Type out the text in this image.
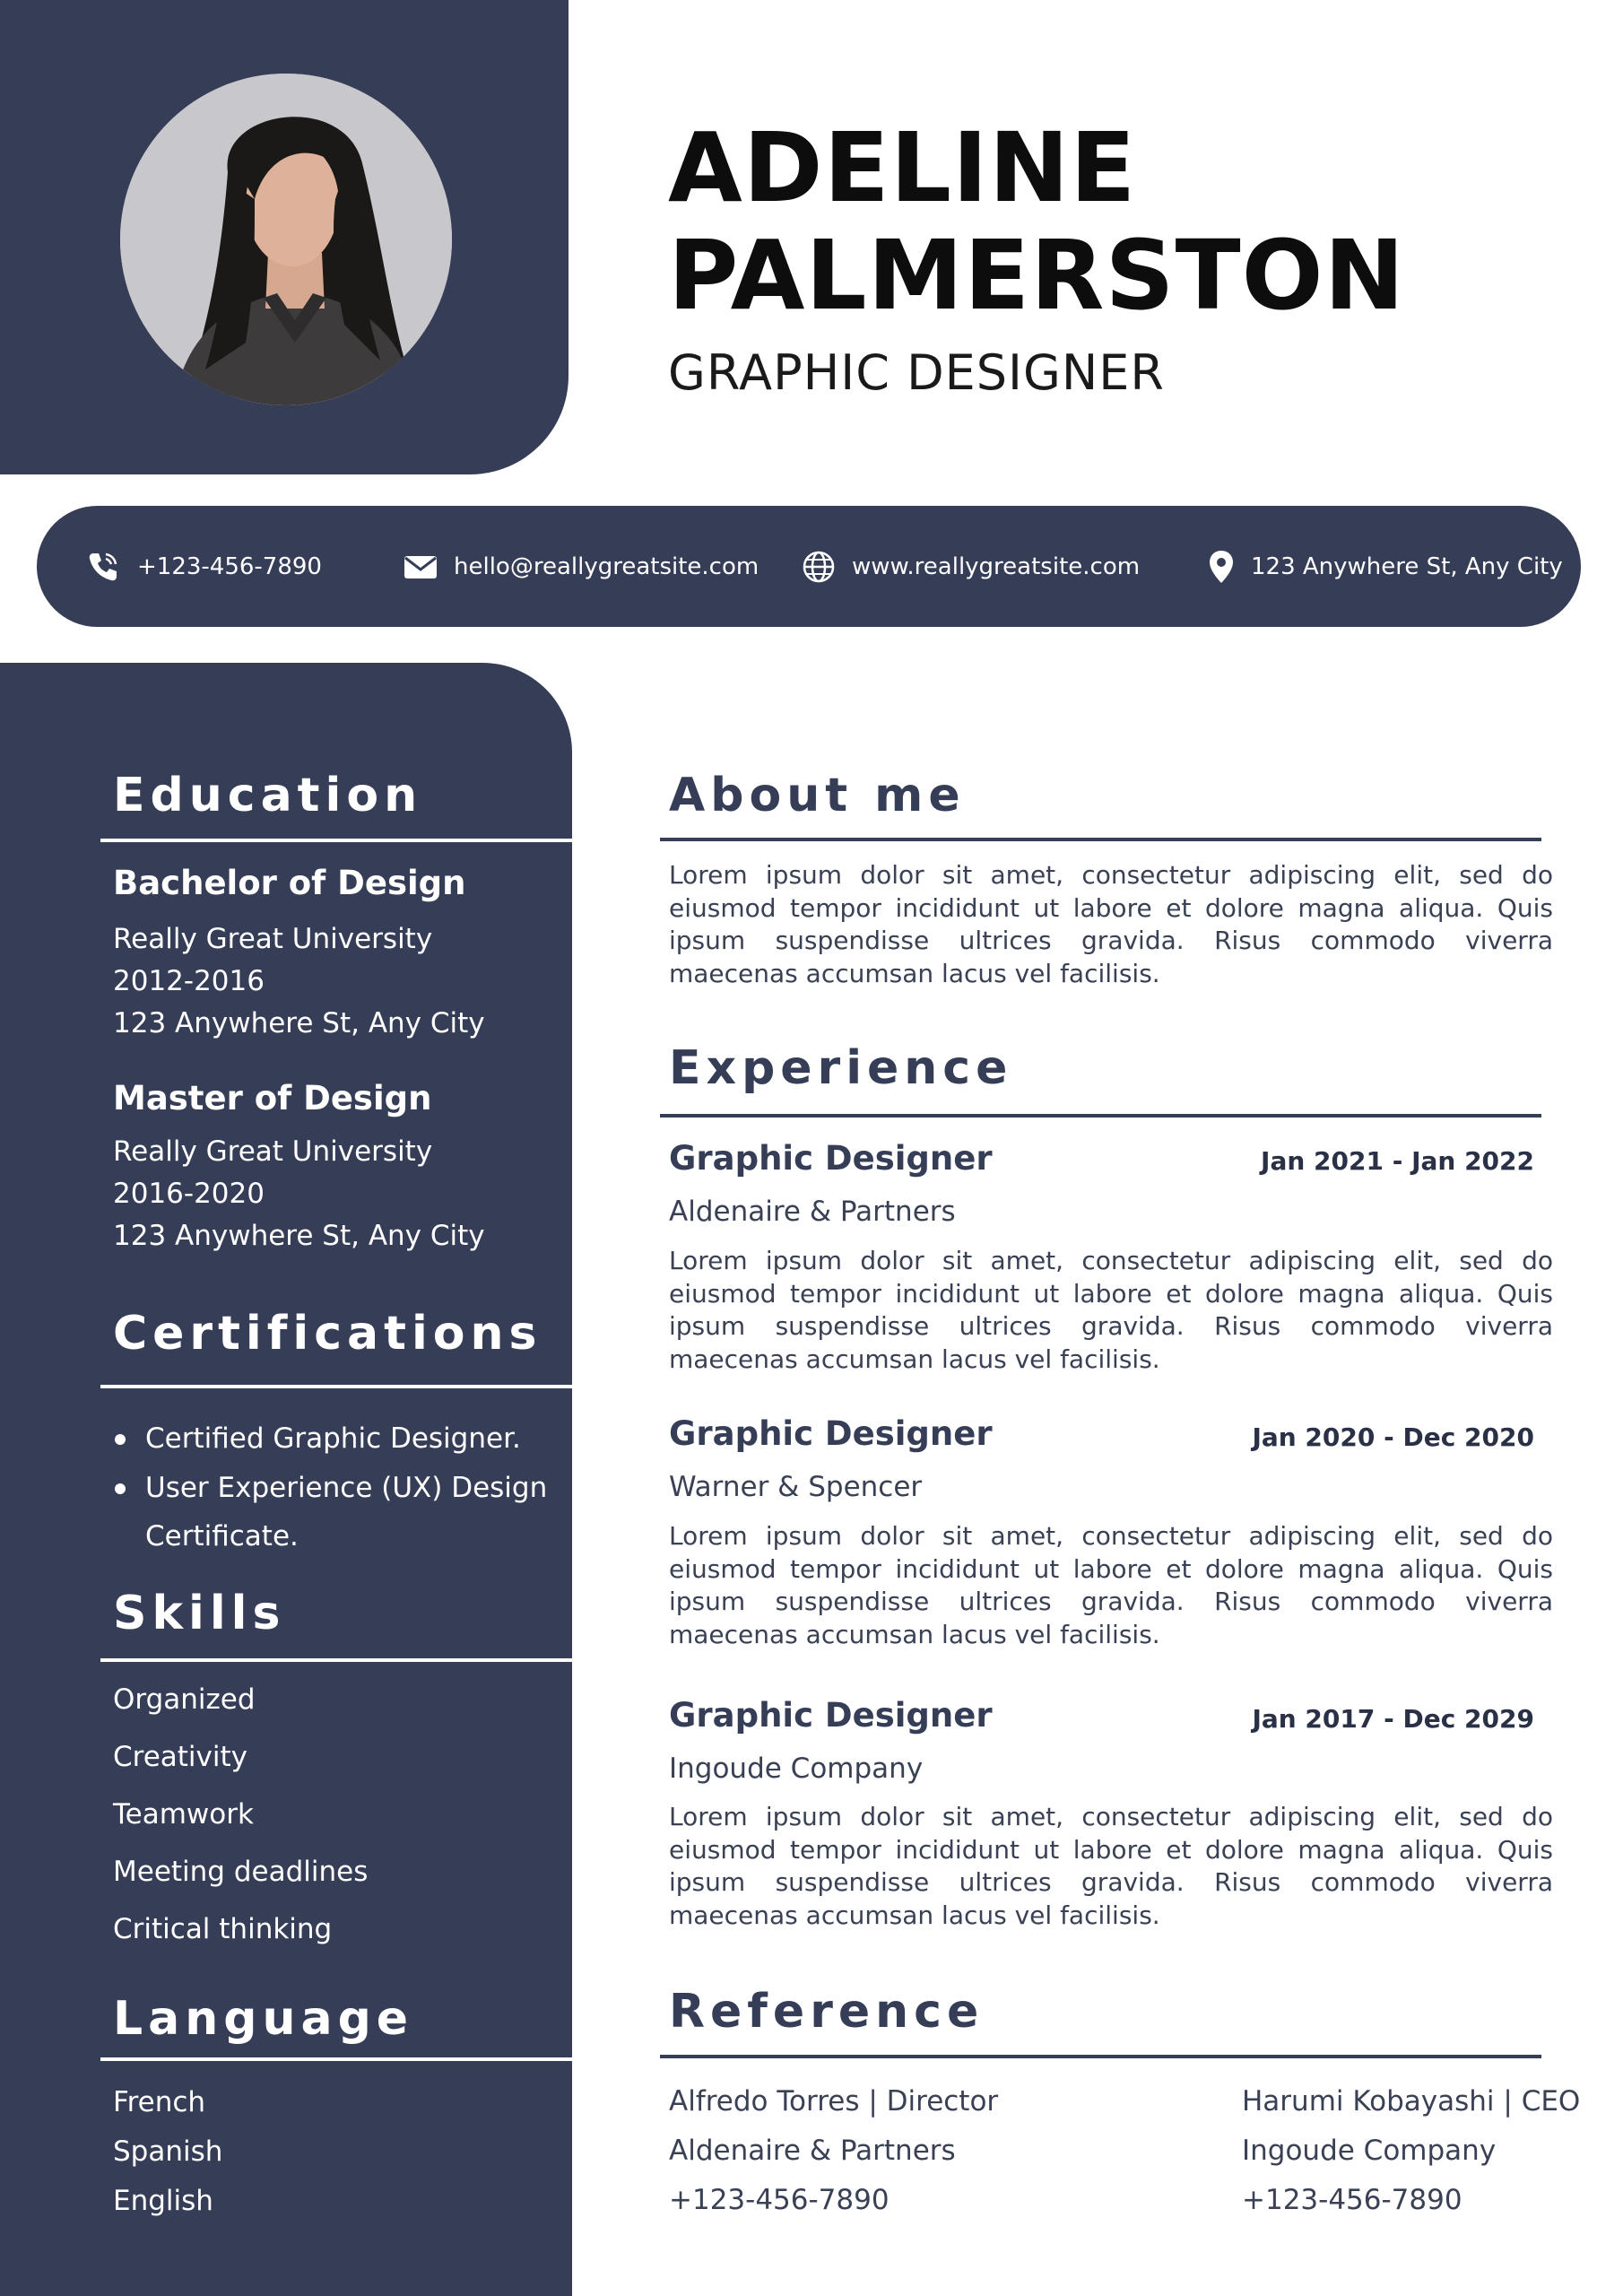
ADELINE
PALMERSTON
GRAPHIC DESIGNER
+123-456-7890	hello@reallygreatsite.com	www.reallygreatsite.com	123 Anywhere St, Any City
Education
Bachelor of Design
Really Great University
2012-2016
123 Anywhere St, Any City
Master of Design
Really Great University
2016-2020
123 Anywhere St, Any City
Certifications
Certified Graphic Designer.
User Experience (UX) Design
Certificate.
Skills
Organized
Creativity
Teamwork
Meeting deadlines
Critical thinking
Language
French
Spanish
English
About me
Lorem ipsum dolor sit amet, consectetur adipiscing elit, sed do eiusmod tempor incididunt ut labore et dolore magna aliqua. Quis ipsum suspendisse ultrices gravida. Risus commodo viverra maecenas accumsan lacus vel facilisis.
Experience
Graphic Designer	Jan 2021 - Jan 2022
Aldenaire & Partners
Lorem ipsum dolor sit amet, consectetur adipiscing elit, sed do eiusmod tempor incididunt ut labore et dolore magna aliqua. Quis ipsum suspendisse ultrices gravida. Risus commodo viverra maecenas accumsan lacus vel facilisis.
Graphic Designer	Jan 2020 - Dec 2020
Warner & Spencer
Lorem ipsum dolor sit amet, consectetur adipiscing elit, sed do eiusmod tempor incididunt ut labore et dolore magna aliqua. Quis ipsum suspendisse ultrices gravida. Risus commodo viverra maecenas accumsan lacus vel facilisis.
Graphic Designer	Jan 2017 - Dec 2029
Ingoude Company
Lorem ipsum dolor sit amet, consectetur adipiscing elit, sed do eiusmod tempor incididunt ut labore et dolore magna aliqua. Quis ipsum suspendisse ultrices gravida. Risus commodo viverra maecenas accumsan lacus vel facilisis.
Reference
Alfredo Torres | Director
Aldenaire & Partners
+123-456-7890
Harumi Kobayashi | CEO
Ingoude Company
+123-456-7890
